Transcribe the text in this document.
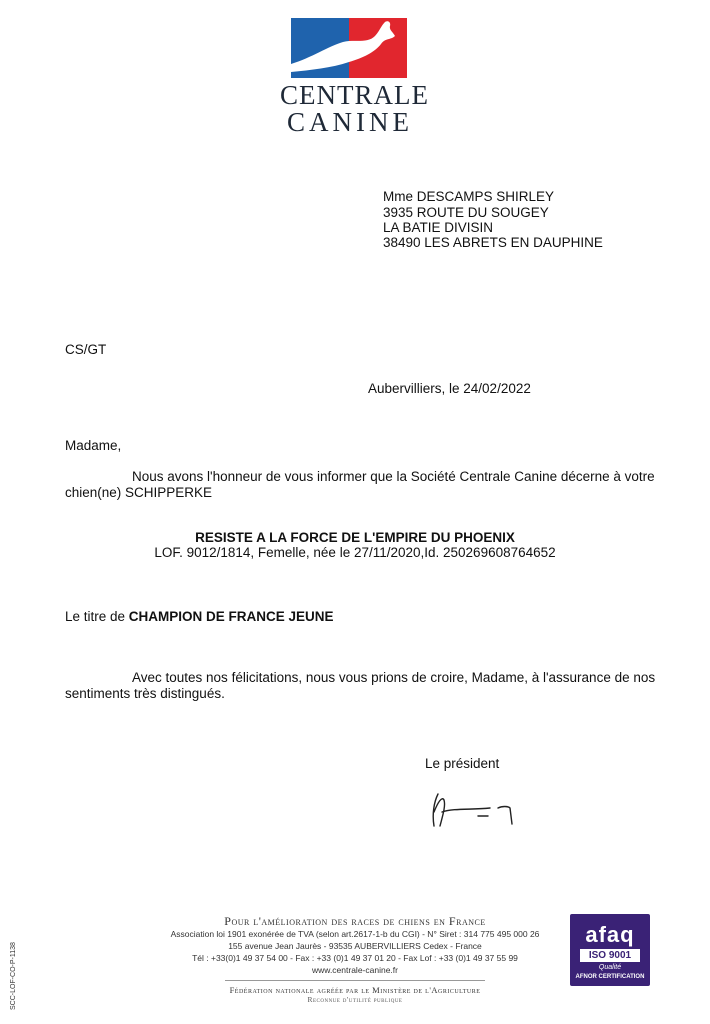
CENTRALE
CANINE
Mme DESCAMPS SHIRLEY
3935 ROUTE DU SOUGEY
LA BATIE DIVISIN
38490 LES ABRETS EN DAUPHINE
CS/GT
Aubervilliers, le 24/02/2022
Madame,
Nous avons l'honneur de vous informer que la Société Centrale Canine décerne à votre
chien(ne) SCHIPPERKE
RESISTE A LA FORCE DE L'EMPIRE DU PHOENIX
LOF. 9012/1814, Femelle, née le 27/11/2020,Id. 250269608764652
Le titre de CHAMPION DE FRANCE JEUNE
Avec toutes nos félicitations, nous vous prions de croire, Madame, à l'assurance de nos
sentiments très distingués.
Le président
Pour l'amélioration des races de chiens en France
Association loi 1901 exonérée de TVA (selon art.2617-1-b du CGI) - N° Siret : 314 775 495 000 26
155 avenue Jean Jaurès - 93535 AUBERVILLIERS Cedex - France
Tél : +33(0)1 49 37 54 00 - Fax : +33 (0)1 49 37 01 20 - Fax Lof : +33 (0)1 49 37 55 99
www.centrale-canine.fr
Fédération nationale agréée par le Ministère de l'Agriculture
Reconnue d'utilité publique
SCC-LOF-CO-P-1138
afaq
ISO 9001
Qualité
AFNOR CERTIFICATION
